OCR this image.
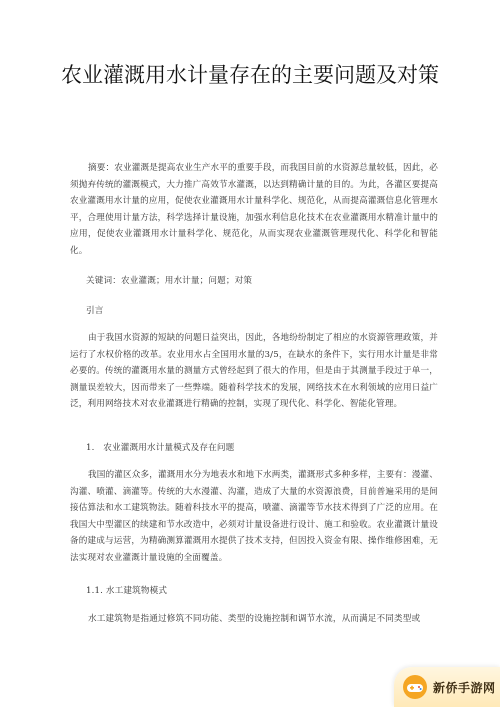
农业灌溉用水计量存在的主要问题及对策
摘要：农业灌溉是提高农业生产水平的重要手段，而我国目前的水资源总量较低，因此，必须抛弃传统的灌溉模式，大力推广高效节水灌溉，以达到精确计量的目的。为此，各灌区要提高农业灌溉用水计量的应用，促使农业灌溉用水计量科学化、规范化，从而提高灌溉信息化管理水平，合理使用计量方法，科学选择计量设施，加强水利信息化技术在农业灌溉用水精准计量中的应用，促使农业灌溉用水计量科学化、规范化，从而实现农业灌溉管理现代化、科学化和智能化。
关键词：农业灌溉；用水计量；问题；对策
引言
由于我国水资源的短缺的问题日益突出，因此，各地纷纷制定了相应的水资源管理政策，并运行了水权价格的改革。农业用水占全国用水量的3/5，在缺水的条件下，实行用水计量是非常必要的。传统的灌溉用水量的测量方式曾经起到了很大的作用，但是由于其测量手段过于单一，测量误差较大，因而带来了一些弊端。随着科学技术的发展，网络技术在水利领域的应用日益广泛，利用网络技术对农业灌溉进行精确的控制，实现了现代化、科学化、智能化管理。
1.　农业灌溉用水计量模式及存在问题
我国的灌区众多，灌溉用水分为地表水和地下水两类，灌溉形式多种多样，主要有：漫灌、沟灌、喷灌、滴灌等。传统的大水漫灌、沟灌，造成了大量的水资源浪费，目前普遍采用的是间接估算法和水工建筑物法。随着科技水平的提高，喷灌、滴灌等节水技术得到了广泛的应用。在我国大中型灌区的续建和节水改造中，必须对计量设备进行设计、施工和验收。农业灌溉计量设备的建成与运营，为精确测算灌溉用水提供了技术支持，但因投入资金有限、操作维修困难，无法实现对农业灌溉计量设施的全面覆盖。
1.1. 水工建筑物模式
水工建筑物是指通过修筑不同功能、类型的设施控制和调节水流，从而满足不同类型或
新侨手游网
